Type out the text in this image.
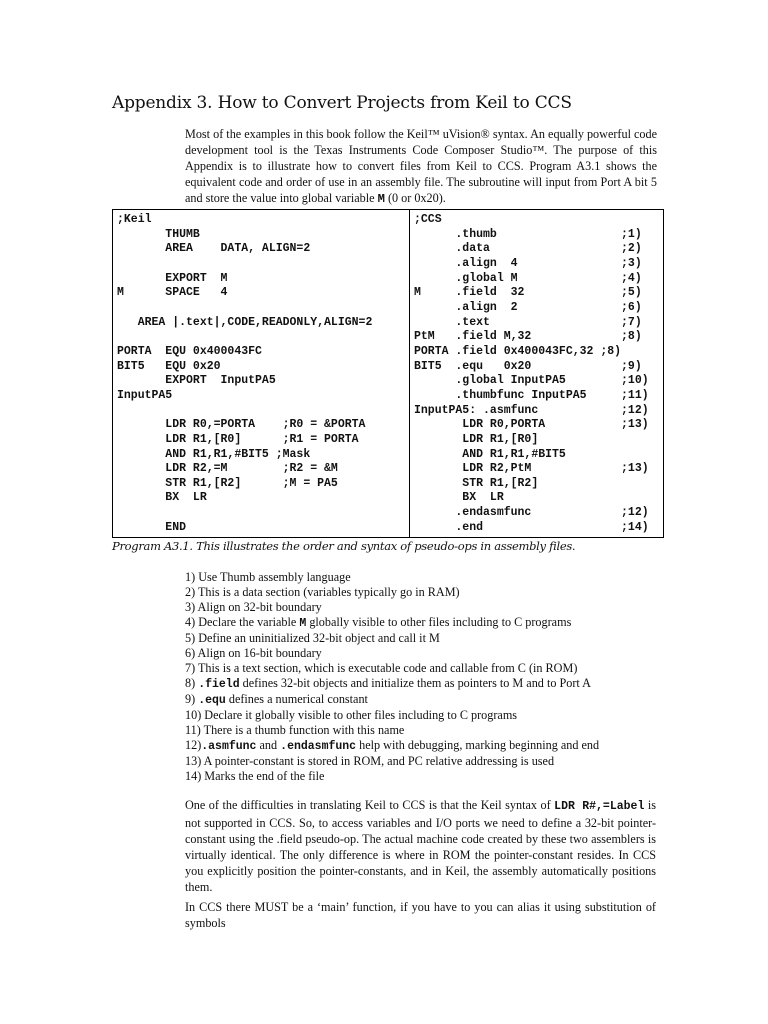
Appendix 3. How to Convert Projects from Keil to CCS

Most of the examples in this book follow the Keil™ uVision® syntax. An equally powerful code development tool is the Texas Instruments Code Composer Studio™. The purpose of this Appendix is to illustrate how to convert files from Keil to CCS. Program A3.1 shows the equivalent code and order of use in an assembly file. The subroutine will input from Port A bit 5 and store the value into global variable M (0 or 0x20).

;Keil
THUMB
AREA    DATA, ALIGN=2

EXPORT  M
M      SPACE   4

AREA |.text|,CODE,READONLY,ALIGN=2

PORTA  EQU 0x400043FC
BIT5   EQU 0x20
EXPORT  InputPA5
InputPA5

LDR R0,=PORTA    ;R0 = &PORTA
LDR R1,[R0]      ;R1 = PORTA
AND R1,R1,#BIT5 ;Mask
LDR R2,=M        ;R2 = &M
STR R1,[R2]      ;M = PA5
BX  LR

END

;CCS
.thumb                  ;1)
.data                   ;2)
.align  4               ;3)
.global M               ;4)
M     .field  32              ;5)
.align  2               ;6)
.text                   ;7)
PtM   .field M,32             ;8)
PORTA .field 0x400043FC,32 ;8)
BIT5  .equ   0x20             ;9)
.global InputPA5        ;10)
.thumbfunc InputPA5     ;11)
InputPA5: .asmfunc            ;12)
LDR R0,PORTA           ;13)
LDR R1,[R0]
AND R1,R1,#BIT5
LDR R2,PtM             ;13)
STR R1,[R2]
BX  LR
.endasmfunc             ;12)
.end                    ;14)

Program A3.1. This illustrates the order and syntax of pseudo-ops in assembly files.

1) Use Thumb assembly language
2) This is a data section (variables typically go in RAM)
3) Align on 32-bit boundary
4) Declare the variable M globally visible to other files including to C programs
5) Define an uninitialized 32-bit object and call it M
6) Align on 16-bit boundary
7) This is a text section, which is executable code and callable from C (in ROM)
8) .field defines 32-bit objects and initialize them as pointers to M and to Port A
9) .equ defines a numerical constant
10) Declare it globally visible to other files including to C programs
11) There is a thumb function with this name
12).asmfunc and .endasmfunc help with debugging, marking beginning and end
13) A pointer-constant is stored in ROM, and PC relative addressing is used
14) Marks the end of the file

One of the difficulties in translating Keil to CCS is that the Keil syntax of LDR R#,=Label is not supported in CCS. So, to access variables and I/O ports we need to define a 32-bit pointer-constant using the .field pseudo-op. The actual machine code created by these two assemblers is virtually identical. The only difference is where in ROM the pointer-constant resides. In CCS you explicitly position the pointer-constants, and in Keil, the assembly automatically positions them.

In CCS there MUST be a ‘main’ function, if you have to you can alias it using substitution of symbols
